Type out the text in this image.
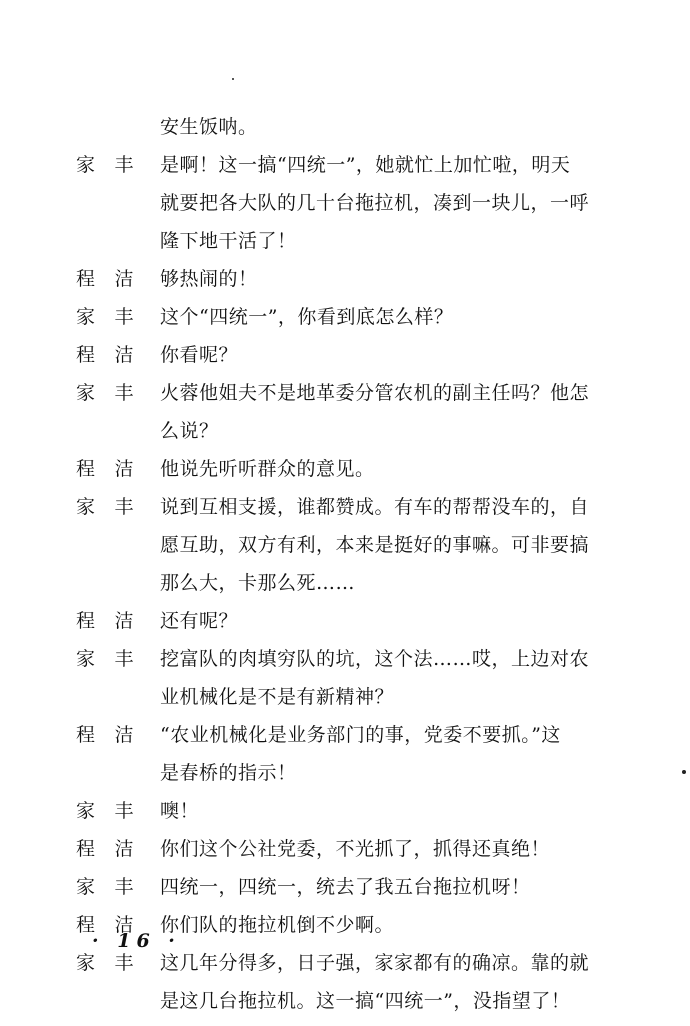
安生饭呐。
家 丰 是啊！这一搞“四统一”，她就忙上加忙啦，明天
就要把各大队的几十台拖拉机，凑到一块儿，一呼
隆下地干活了！
程 洁 够热闹的！
家 丰 这个“四统一”，你看到底怎么样？
程 洁 你看呢？
家 丰 火蓉他姐夫不是地革委分管农机的副主任吗？他怎
么说？
程 洁 他说先听听群众的意见。
家 丰 说到互相支援，谁都赞成。有车的帮帮没车的，自
愿互助，双方有利，本来是挺好的事嘛。可非要搞
那么大，卡那么死……
程 洁 还有呢？
家 丰 挖富队的肉填穷队的坑，这个法……哎，上边对农
业机械化是不是有新精神？
程 洁 “农业机械化是业务部门的事，党委不要抓。”这
是春桥的指示！
家 丰 噢！
程 洁 你们这个公社党委，不光抓了，抓得还真绝！
家 丰 四统一，四统一，统去了我五台拖拉机呀！
程 洁 你们队的拖拉机倒不少啊。
家 丰 这几年分得多，日子强，家家都有的确凉。靠的就
是这几台拖拉机。这一搞“四统一”，没指望了！
· 16 ·
